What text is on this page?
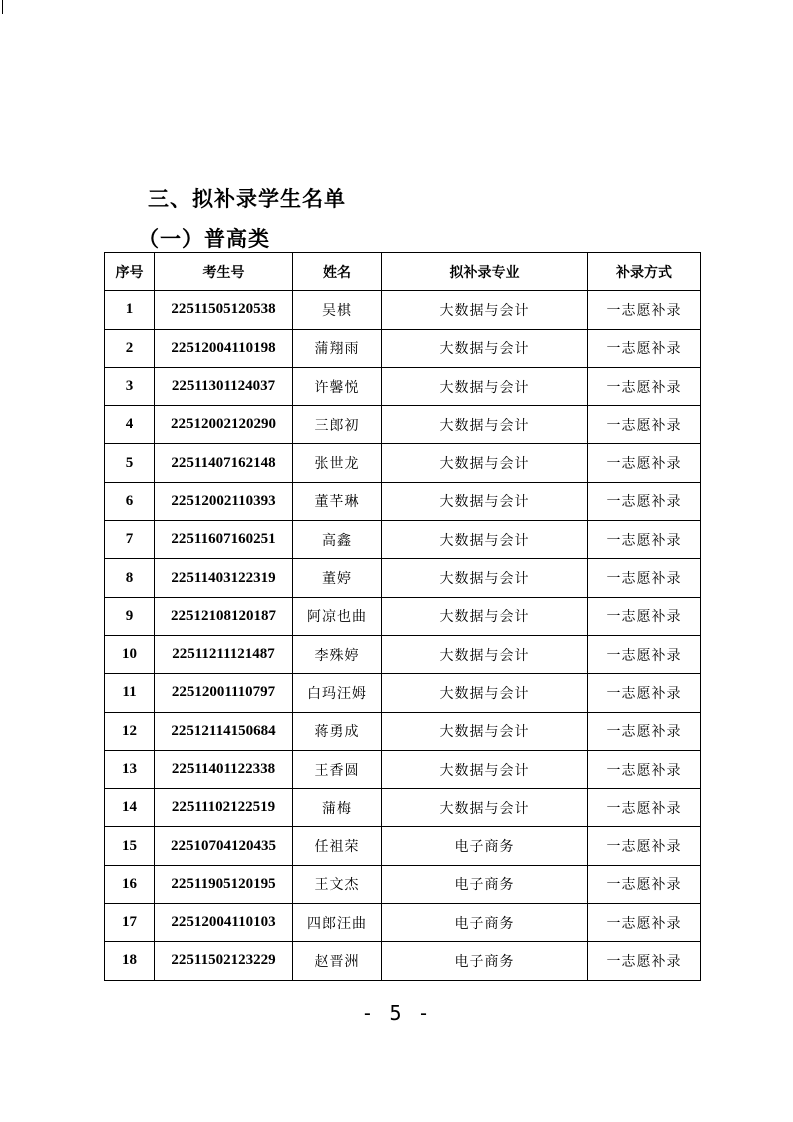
三、拟补录学生名单
（一）普高类
序号	考生号	姓名	拟补录专业	补录方式
1	22511505120538	吴棋	大数据与会计	一志愿补录
2	22512004110198	蒲翔雨	大数据与会计	一志愿补录
3	22511301124037	许馨悦	大数据与会计	一志愿补录
4	22512002120290	三郎初	大数据与会计	一志愿补录
5	22511407162148	张世龙	大数据与会计	一志愿补录
6	22512002110393	董芊琳	大数据与会计	一志愿补录
7	22511607160251	高鑫	大数据与会计	一志愿补录
8	22511403122319	董婷	大数据与会计	一志愿补录
9	22512108120187	阿凉也曲	大数据与会计	一志愿补录
10	22511211121487	李殊婷	大数据与会计	一志愿补录
11	22512001110797	白玛汪姆	大数据与会计	一志愿补录
12	22512114150684	蒋勇成	大数据与会计	一志愿补录
13	22511401122338	王香圆	大数据与会计	一志愿补录
14	22511102122519	蒲梅	大数据与会计	一志愿补录
15	22510704120435	任祖荣	电子商务	一志愿补录
16	22511905120195	王文杰	电子商务	一志愿补录
17	22512004110103	四郎汪曲	电子商务	一志愿补录
18	22511502123229	赵晋洲	电子商务	一志愿补录
- 5 -
